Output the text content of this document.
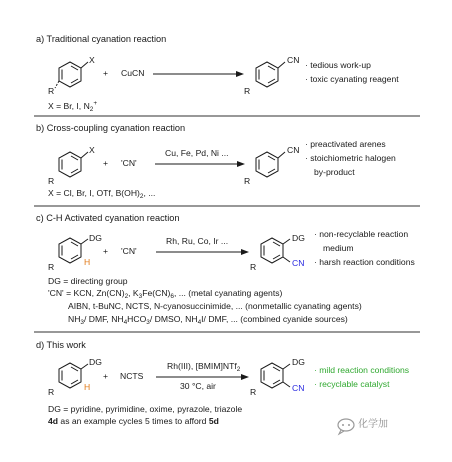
a) Traditional cyanation reaction
X
R
+ CuCN
CN
R
· tedious work-up
· toxic cyanating reagent
X = Br, I, $N_2^+$
b) Cross-coupling cyanation reaction
X
R
+ 'CN'
Cu, Fe, Pd, Ni ...	CN
R
· preactivated arenes
· stoichiometric halogen
by-product
X = Cl, Br, I, OTf, $B(OH)_2$, ...
c) C-H Activated cyanation reaction
DG
H
R
+ 'CN'
Rh, Ru, Co, Ir ...	DG
CN
R
· non-recyclable reaction
medium
· harsh reaction conditions
DG = directing group
'CN' = KCN, $Zn(CN)_2$, $K_3Fe(CN)_6$, ... (metal cyanating agents)
AIBN, t-BuNC, NCTS, N-cyanosuccinimide, ... (nonmetallic cyanating agents)
$NH_3/$ DMF, $NH_4HCO_3/$ DMSO, $NH_4I/$ DMF, ... (combined cyanide sources)
d) This work
DG
H
R
+ NCTS
Rh(III), [BMIM]NTf$_2$
30 °C, air
DG
CN
R
· mild reaction conditions
· recyclable catalyst
DG = pyridine, pyrimidine, oxime, pyrazole, triazole
4d as an example cycles 5 times to afford 5d	化学加
